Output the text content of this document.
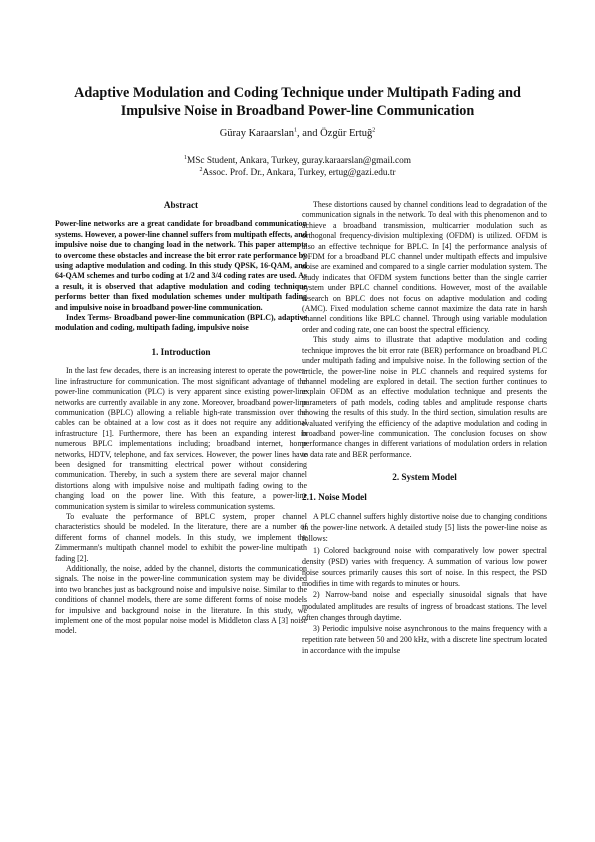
Adaptive Modulation and Coding Technique under Multipath Fading and Impulsive Noise in Broadband Power-line Communication
Güray Karaarslan$^1$, and Özgür Ertuğ$^2$
$^1$MSc Student, Ankara, Turkey, guray.karaarslan@gmail.com
$^2$Assoc. Prof. Dr., Ankara, Turkey, ertug@gazi.edu.tr
Abstract

Power-line networks are a great candidate for broadband communication systems. However, a power-line channel suffers from multipath effects, and impulsive noise due to changing load in the network. This paper attempts to overcome these obstacles and increase the bit error rate performance by using adaptive modulation and coding. In this study QPSK, 16-QAM, and 64-QAM schemes and turbo coding at 1/2 and 3/4 coding rates are used. As a result, it is observed that adaptive modulation and coding technique performs better than fixed modulation schemes under multipath fading and impulsive noise in broadband power-line communication.

Index Terms- Broadband power-line communication (BPLC), adaptive modulation and coding, multipath fading, impulsive noise

1. Introduction

In the last few decades, there is an increasing interest to operate the power-line infrastructure for communication. The most significant advantage of the power-line communication (PLC) is very apparent since existing power-line networks are currently available in any zone. Moreover, broadband power-line communication (BPLC) allowing a reliable high-rate transmission over the cables can be obtained at a low cost as it does not require any additional infrastructure [1]. Furthermore, there has been an expanding interest in numerous BPLC implementations including; broadband internet, home networks, HDTV, telephone, and fax services. However, the power lines have been designed for transmitting electrical power without considering communication. Thereby, in such a system there are several major channel distortions along with impulsive noise and multipath fading owing to the changing load on the power line. With this feature, a power-line communication system is similar to wireless communication systems.

To evaluate the performance of BPLC system, proper channel characteristics should be modeled. In the literature, there are a number of different forms of channel models. In this study, we implement the Zimmermann's multipath channel model to exhibit the power-line multipath fading [2].

Additionally, the noise, added by the channel, distorts the communication signals. The noise in the power-line communication system may be divided into two branches just as background noise and impulsive noise. Similar to the conditions of channel models, there are some different forms of noise models for impulsive and background noise in the literature. In this study, we implement one of the most popular noise model is Middleton class A [3] noise model.

These distortions caused by channel conditions lead to degradation of the communication signals in the network. To deal with this phenomenon and to achieve a broadband transmission, multicarrier modulation such as orthogonal frequency-division multiplexing (OFDM) is utilized. OFDM is also an effective technique for BPLC. In [4] the performance analysis of OFDM for a broadband PLC channel under multipath effects and impulsive noise are examined and compared to a single carrier modulation system. The study indicates that OFDM system functions better than the single carrier system under BPLC channel conditions. However, most of the available research on BPLC does not focus on adaptive modulation and coding (AMC). Fixed modulation scheme cannot maximize the data rate in harsh channel conditions like BPLC channel. Through using variable modulation order and coding rate, one can boost the spectral efficiency.

This study aims to illustrate that adaptive modulation and coding technique improves the bit error rate (BER) performance on broadband PLC under multipath fading and impulsive noise. In the following section of the article, the power-line noise in PLC channels and required systems for channel modeling are explored in detail. The section further continues to explain OFDM as an effective modulation technique and presents the parameters of path models, coding tables and amplitude response charts showing the results of this study. In the third section, simulation results are evaluated verifying the efficiency of the adaptive modulation and coding in broadband power-line communication. The conclusion focuses on show performance changes in different variations of modulation orders in relation to data rate and BER performance.

2. System Model
2.1. Noise Model

A PLC channel suffers highly distortive noise due to changing conditions in the power-line network. A detailed study [5] lists the power-line noise as follows:

1) Colored background noise with comparatively low power spectral density (PSD) varies with frequency. A summation of various low power noise sources primarily causes this sort of noise. In this respect, the PSD modifies in time with regards to minutes or hours.

2) Narrow-band noise and especially sinusoidal signals that have modulated amplitudes are results of ingress of broadcast stations. The level often changes through daytime.

3) Periodic impulsive noise asynchronous to the mains frequency with a repetition rate between 50 and 200 kHz, with a discrete line spectrum located in accordance with the impulse
